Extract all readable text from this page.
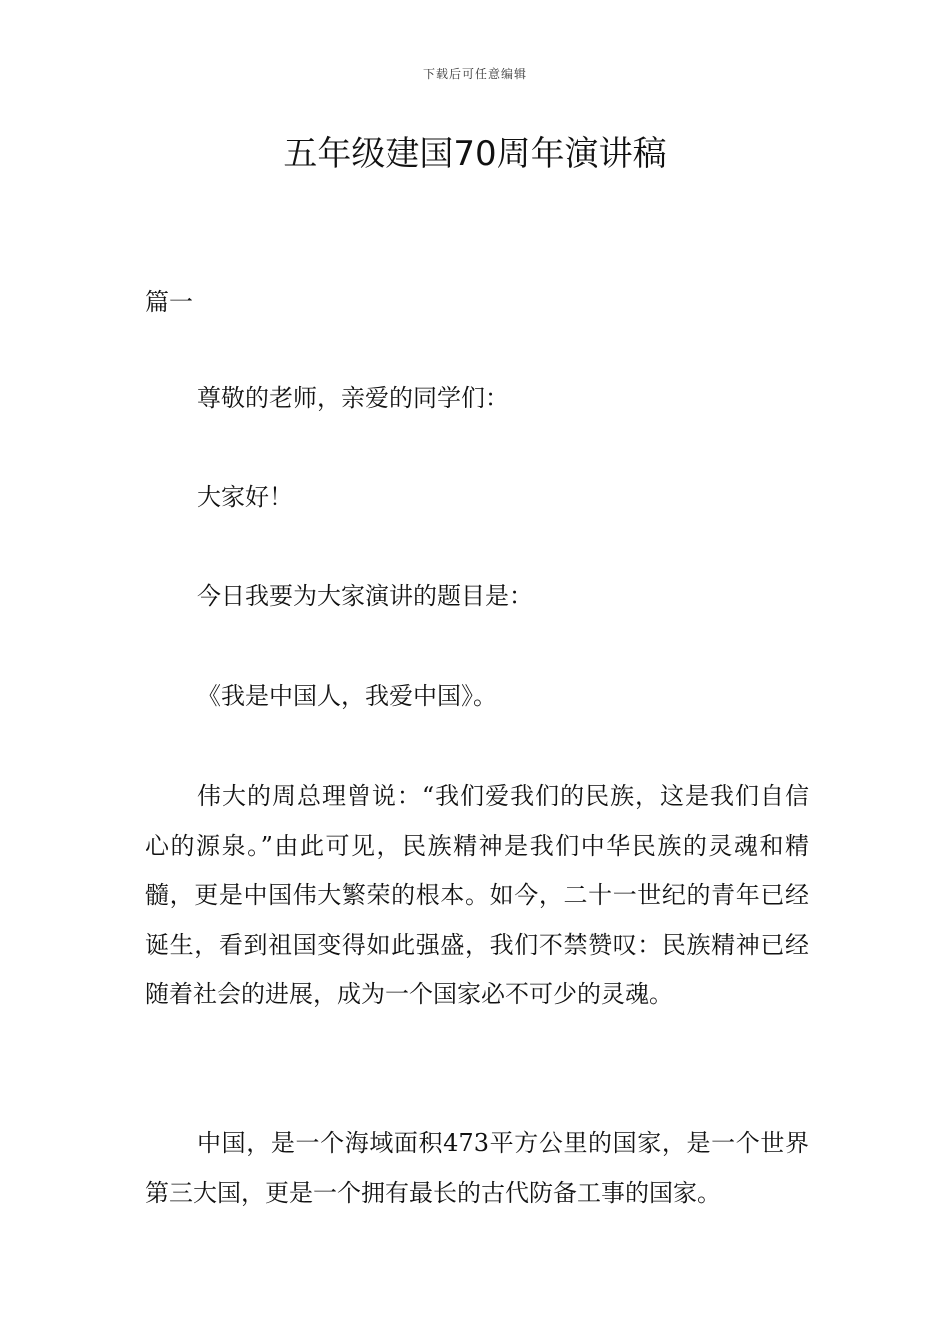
下载后可任意编辑
五年级建国70周年演讲稿
篇一

尊敬的老师，亲爱的同学们：

大家好！

今日我要为大家演讲的题目是：

《我是中国人，我爱中国》。

伟大的周总理曾说：“我们爱我们的民族，这是我们自信心的源泉。”由此可见，民族精神是我们中华民族的灵魂和精髓，更是中国伟大繁荣的根本。如今，二十一世纪的青年已经诞生，看到祖国变得如此强盛，我们不禁赞叹：民族精神已经随着社会的进展，成为一个国家必不可少的灵魂。

中国，是一个海域面积473平方公里的国家，是一个世界第三大国，更是一个拥有最长的古代防备工事的国家。
